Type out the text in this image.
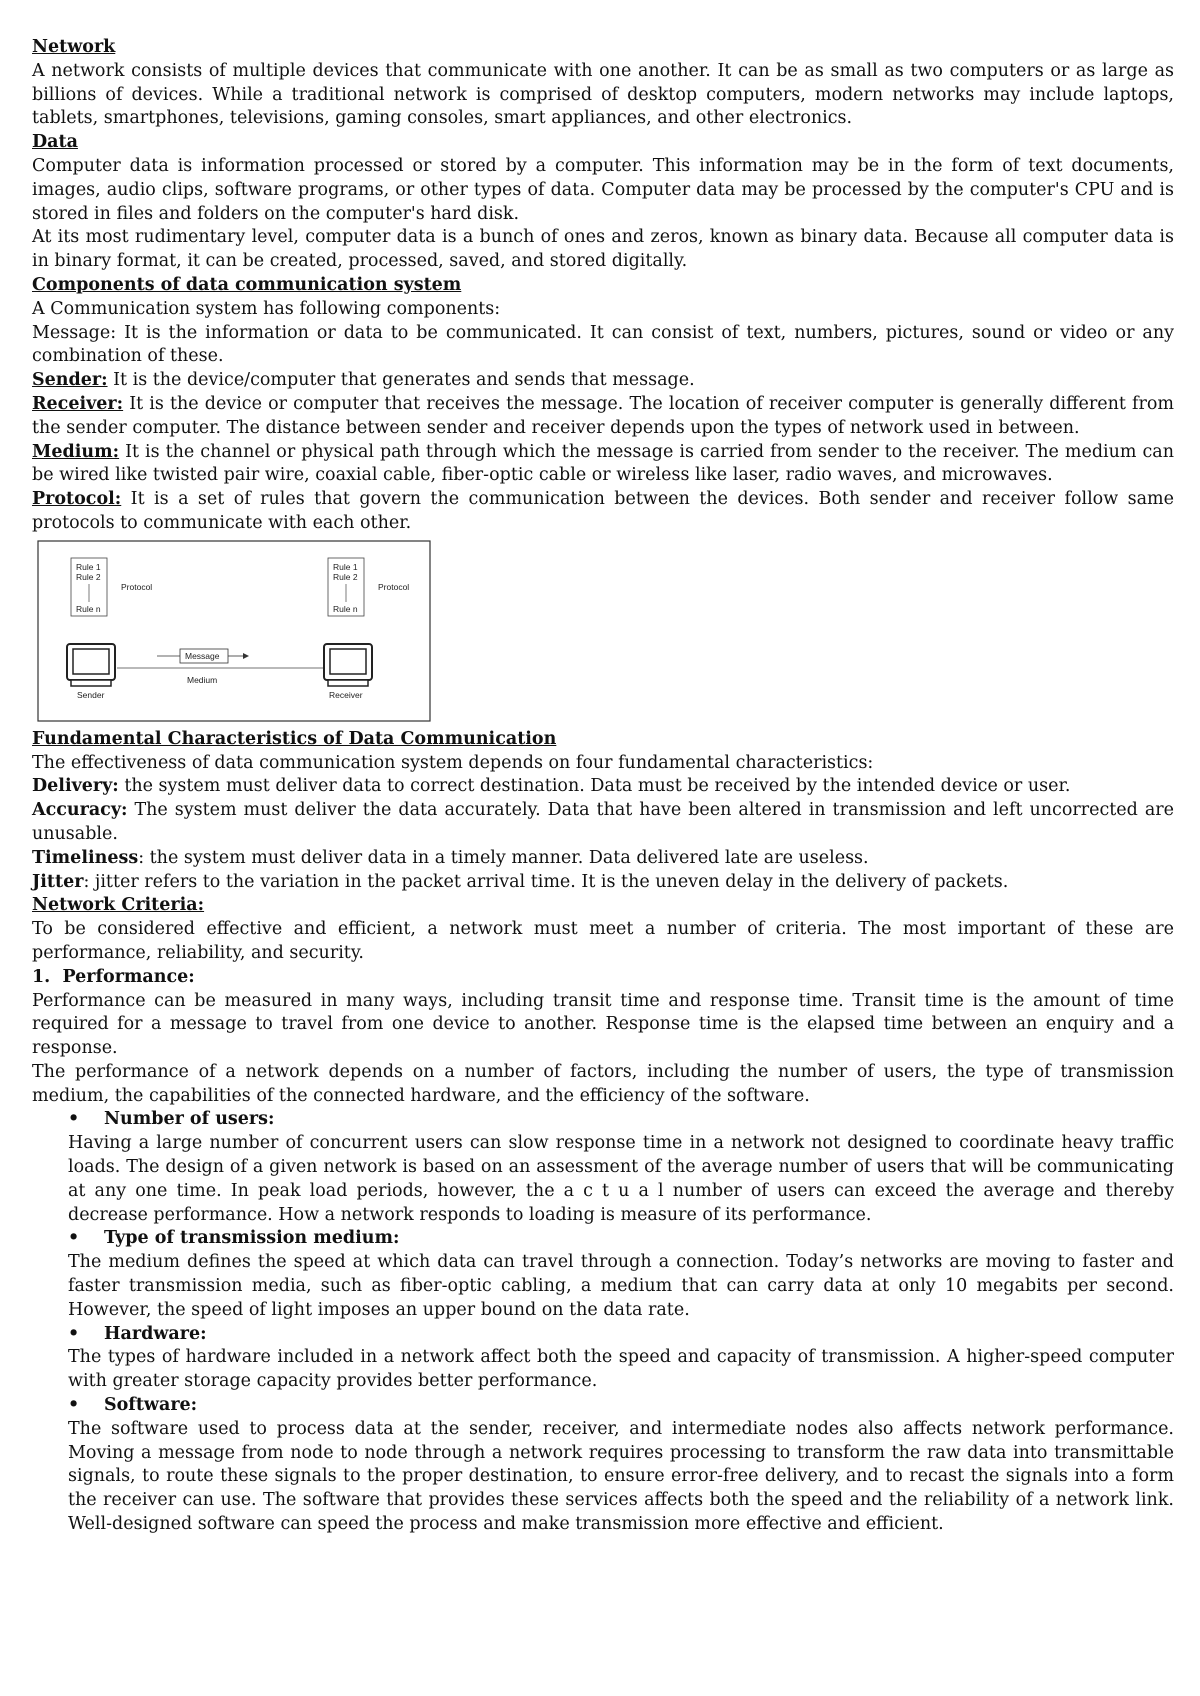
Network

A network consists of multiple devices that communicate with one another. It can be as small as two computers or as large as billions of devices. While a traditional network is comprised of desktop computers, modern networks may include laptops, tablets, smartphones, televisions, gaming consoles, smart appliances, and other electronics.

Data

Computer data is information processed or stored by a computer. This information may be in the form of text documents, images, audio clips, software programs, or other types of data. Computer data may be processed by the computer's CPU and is stored in files and folders on the computer's hard disk.

At its most rudimentary level, computer data is a bunch of ones and zeros, known as binary data. Because all computer data is in binary format, it can be created, processed, saved, and stored digitally.

Components of data communication system

A Communication system has following components:

Message: It is the information or data to be communicated. It can consist of text, numbers, pictures, sound or video or any combination of these.

Sender: It is the device/computer that generates and sends that message.

Receiver: It is the device or computer that receives the message. The location of receiver computer is generally different from the sender computer. The distance between sender and receiver depends upon the types of network used in between.

Medium: It is the channel or physical path through which the message is carried from sender to the receiver. The medium can be wired like twisted pair wire, coaxial cable, fiber-optic cable or wireless like laser, radio waves, and microwaves.

Protocol: It is a set of rules that govern the communication between the devices. Both sender and receiver follow same protocols to communicate with each other.

Rule 1
Rule 2
Rule n
Protocol
Rule 1
Rule 2
Rule n
Protocol
Sender	Receiver
Message
Medium

Fundamental Characteristics of Data Communication

The effectiveness of data communication system depends on four fundamental characteristics:

Delivery: the system must deliver data to correct destination. Data must be received by the intended device or user.

Accuracy: The system must deliver the data accurately. Data that have been altered in transmission and left uncorrected are unusable.

Timeliness: the system must deliver data in a timely manner. Data delivered late are useless.

Jitter: jitter refers to the variation in the packet arrival time. It is the uneven delay in the delivery of packets.

Network Criteria:

To be considered effective and efficient, a network must meet a number of criteria. The most important of these are performance, reliability, and security.

1.  Performance:

Performance can be measured in many ways, including transit time and response time. Transit time is the amount of time required for a message to travel from one device to another. Response time is the elapsed time between an enquiry and a response.

The performance of a network depends on a number of factors, including the number of users, the type of transmission medium, the capabilities of the connected hardware, and the efficiency of the software.

• Number of users:

Having a large number of concurrent users can slow response time in a network not designed to coordinate heavy traffic loads. The design of a given network is based on an assessment of the average number of users that will be communicating at any one time. In peak load periods, however, the a c t u a l number of users can exceed the average and thereby decrease performance. How a network responds to loading is measure of its performance.

• Type of transmission medium:

The medium defines the speed at which data can travel through a connection. Today’s networks are moving to faster and faster transmission media, such as fiber-optic cabling, a medium that can carry data at only 10 megabits per second. However, the speed of light imposes an upper bound on the data rate.

• Hardware:

The types of hardware included in a network affect both the speed and capacity of transmission. A higher-speed computer with greater storage capacity provides better performance.

• Software:

The software used to process data at the sender, receiver, and intermediate nodes also affects network performance. Moving a message from node to node through a network requires processing to transform the raw data into transmittable signals, to route these signals to the proper destination, to ensure error-free delivery, and to recast the signals into a form the receiver can use. The software that provides these services affects both the speed and the reliability of a network link. Well-designed software can speed the process and make transmission more effective and efficient.
